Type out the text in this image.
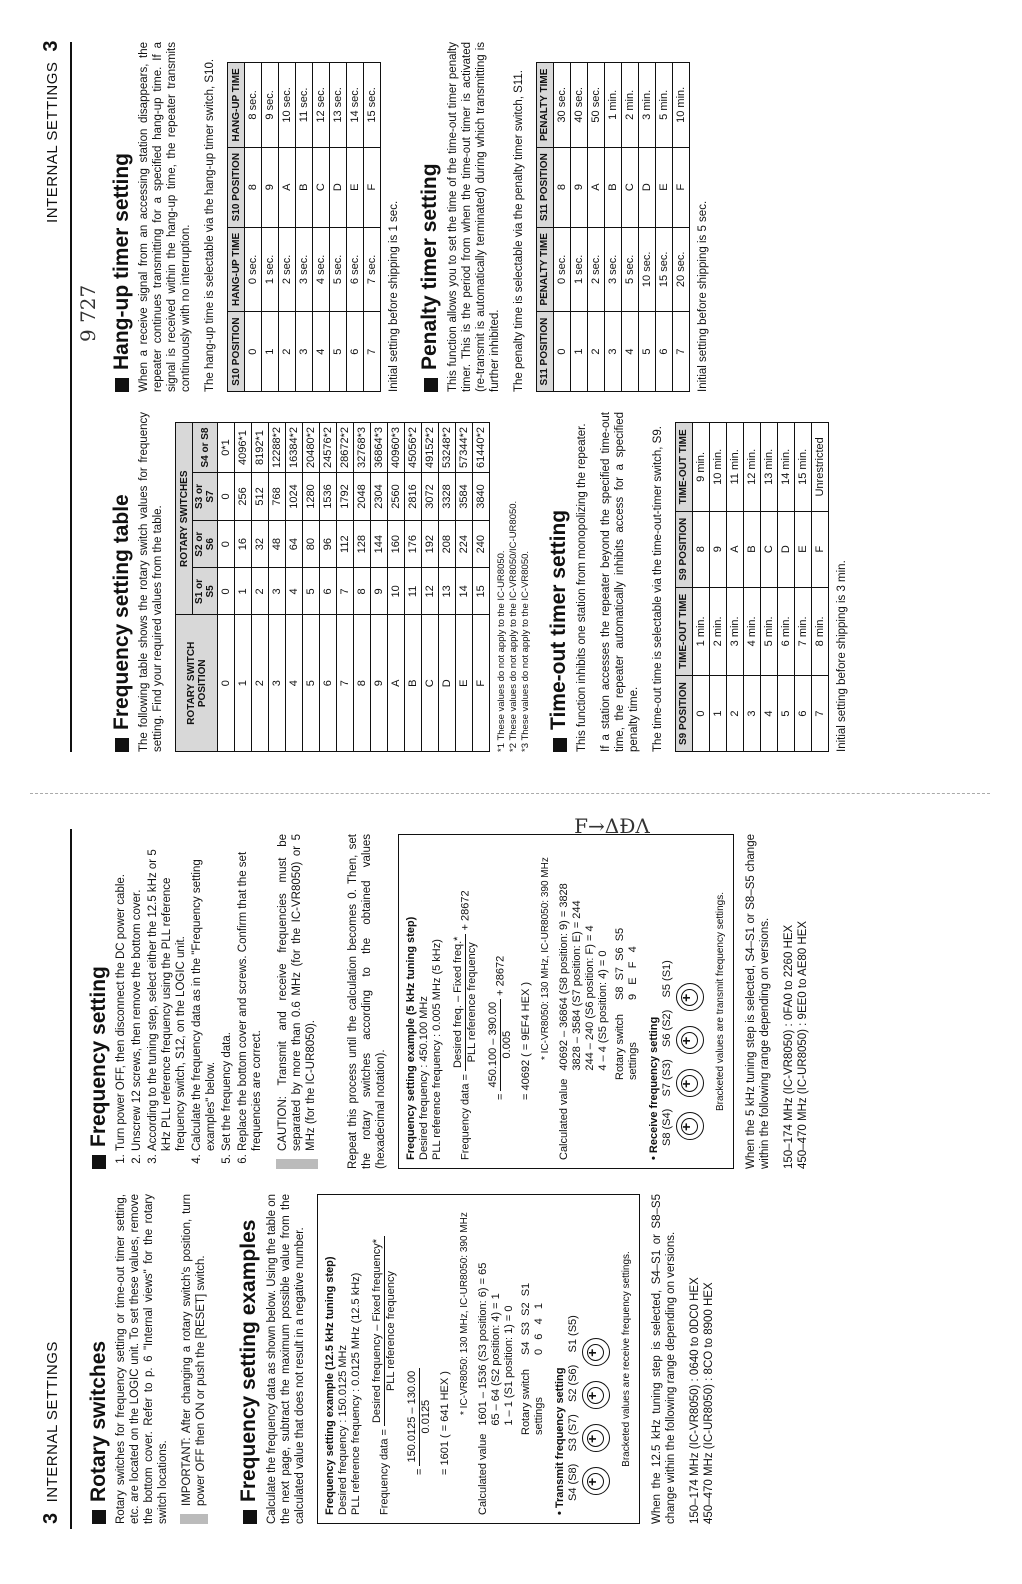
3INTERNAL SETTINGS Rotary switches Rotary switches for frequency setting or time-out timer setting, etc. are located on the LOGIC unit. To set these values, remove the bottom cover. Refer to p. 6 "Internal views" for the rotary switch locations. IMPORTANT: After changing a rotary switch's position, turn power OFF then ON or push the [RESET] switch. Frequency setting examples Calculate the frequency data as shown below. Using the table on the next page, subtract the maximum possible value from the calculated value that does not result in a negative number. Frequency setting example (12.5 kHz tuning step) Desired frequency : 150.0125 MHz PLL reference frequency : 0.0125 MHz (12.5 kHz)	Frequency data =
Desired frequency – Fixed frequency* PLL reference frequency
=
150.0125 – 130.00 0.0125 = 1601 ( = 641 HEX )
* IC-VR8050: 130 MHz, IC-UR8050: 390 MHz
Calculated value
1601 – 1536 (S3 position: 6) = 65 65 – 64 (S2 position: 4) = 1 1 – 1 (S1 position: 1) = 0 Rotary switch settings
S4  S3  S2  S1 0   6   4   1
• Transmit frequency setting S4 (S8)    S3 (S7)    S2 (S6)    S1 (S5)
+ + + +	Bracketed values are receive frequency settings. When the 12.5 kHz tuning step is selected, S4–S1 or S8–S5 change within the following range depending on versions. 150–174 MHz (IC-VR8050) : 0640 to 0DC0 HEX 450–470 MHz (IC-UR8050) : 8CO to 8900 HEX
Frequency setting 1. Turn power OFF, then disconnect the DC power cable. 2. Unscrew 12 screws, then remove the bottom cover. 3. According to the tuning step, select either the 12.5 kHz or 5 kHz PLL reference frequency using the PLL reference frequency switch, S12, on the LOGIC unit. 4. Calculate the frequency data as in the "Frequency setting examples" below. 5. Set the frequency data. 6. Replace the bottom cover and screws. Confirm that the set frequencies are correct. CAUTION: Transmit and receive frequencies must be separated by more than 0.6 MHz (for the IC-VR8050) or 5 MHz (for the IC-UR8050).	Repeat this process until the calculation becomes 0. Then, set the rotary switches according to the obtained values (hexadecimal notation). Frequency setting example (5 kHz tuning step) Desired frequency : 450.100 MHz PLL reference frequency : 0.005 MHz (5 kHz)	Frequency data =
Desired freq. – Fixed freq.* PLL reference frequency
+ 28672
=
450.100 – 390.00 0.005
+ 28672
= 40692 ( = 9EF4 HEX ) * IC-VR8050: 130 MHz, IC-UR8050: 390 MHz
Calculated value
40692 – 36864 (S8 position: 9) = 3828 3828 – 3584 (S7 position: E) = 244 244 – 240 (S6 position: F) = 4 4 – 4 (S5 position: 4) = 0 Rotary switch settings
S8  S7  S6  S5 9   E   F   4
• Receive frequency setting S8 (S4)    S7 (S3)    S6 (S2)    S5 (S1)
+ + + +	Bracketed values are transmit frequency settings. When the 5 kHz tuning step is selected, S4–S1 or S8–S5 change within the following range depending on versions. 150–174 MHz (IC-VR8050) : 0FA0 to 2260 HEX 450–470 MHz (IC-UR8050) : 9EE0 to AE80 HEX
F→ΔƉΛ
INTERNAL SETTINGS3
9 727
Frequency setting table The following table shows the rotary switch values for frequency setting. Find your required values from the table. ROTARY SWITCH POSITION	ROTARY SWITCHES			
	S1 or S5	S2 or S6	S3 or S7	S4 or S8
0	0	0	0	0*1
1	1	16	256	4096*1
2	2	32	512	8192*1
3	3	48	768	12288*2
4	4	64	1024	16384*2
5	5	80	1280	20480*2
6	6	96	1536	24576*2
7	7	112	1792	28672*2
8	8	128	2048	32768*3
9	9	144	2304	36864*3
A	10	160	2560	40960*3
B	11	176	2816	45056*2
C	12	192	3072	49152*2
D	13	208	3328	53248*2
E	14	224	3584	57344*2
F	15	240	3840	61440*2
*1 These values do not apply to the IC-UR8050. *2 These values do not apply to the IC-VR8050/IC-UR8050. *3 These values do not apply to the IC-VR8050. Time-out timer setting This function inhibits one station from monopolizing the repeater. If a station accesses the repeater beyond the specified time-out time, the repeater automatically inhibits access for a specified penalty time. The time-out time is selectable via the time-out-timer switch, S9. S9 POSITION	TIME-OUT TIME	S9 POSITION	TIME-OUT TIME
0	1 min.	8	9 min.
1	2 min.	9	10 min.
2	3 min.	A	11 min.
3	4 min.	B	12 min.
4	5 min.	C	13 min.
5	6 min.	D	14 min.
6	7 min.	E	15 min.
7	8 min.	F	Unrestricted
Initial setting before shipping is 3 min.
Hang-up timer setting When a receive signal from an accessing station disappears, the repeater continues transmitting for a specified hang-up time. If a signal is received within the hang-up time, the repeater transmits continuously with no interruption. The hang-up time is selectable via the hang-up timer switch, S10. S10 POSITION	HANG-UP TIME	S10 POSITION	HANG-UP TIME
0	0 sec.	8	8 sec.
1	1 sec.	9	9 sec.
2	2 sec.	A	10 sec.
3	3 sec.	B	11 sec.
4	4 sec.	C	12 sec.
5	5 sec.	D	13 sec.
6	6 sec.	E	14 sec.
7	7 sec.	F	15 sec.
Initial setting before shipping is 1 sec. Penalty timer setting This function allows you to set the time of the time-out timer penalty timer. This is the period from when the time-out timer is activated (re-transmit is automatically terminated) during which transmitting is further inhibited. The penalty time is selectable via the penalty timer switch, S11. S11 POSITION	PENALTY TIME	S11 POSITION	PENALTY TIME
0	0 sec.	8	30 sec.
1	1 sec.	9	40 sec.
2	2 sec.	A	50 sec.
3	3 sec.	B	1 min.
4	5 sec.	C	2 min.
5	10 sec.	D	3 min.
6	15 sec.	E	5 min.
7	20 sec.	F	10 min.
Initial setting before shipping is 5 sec.
